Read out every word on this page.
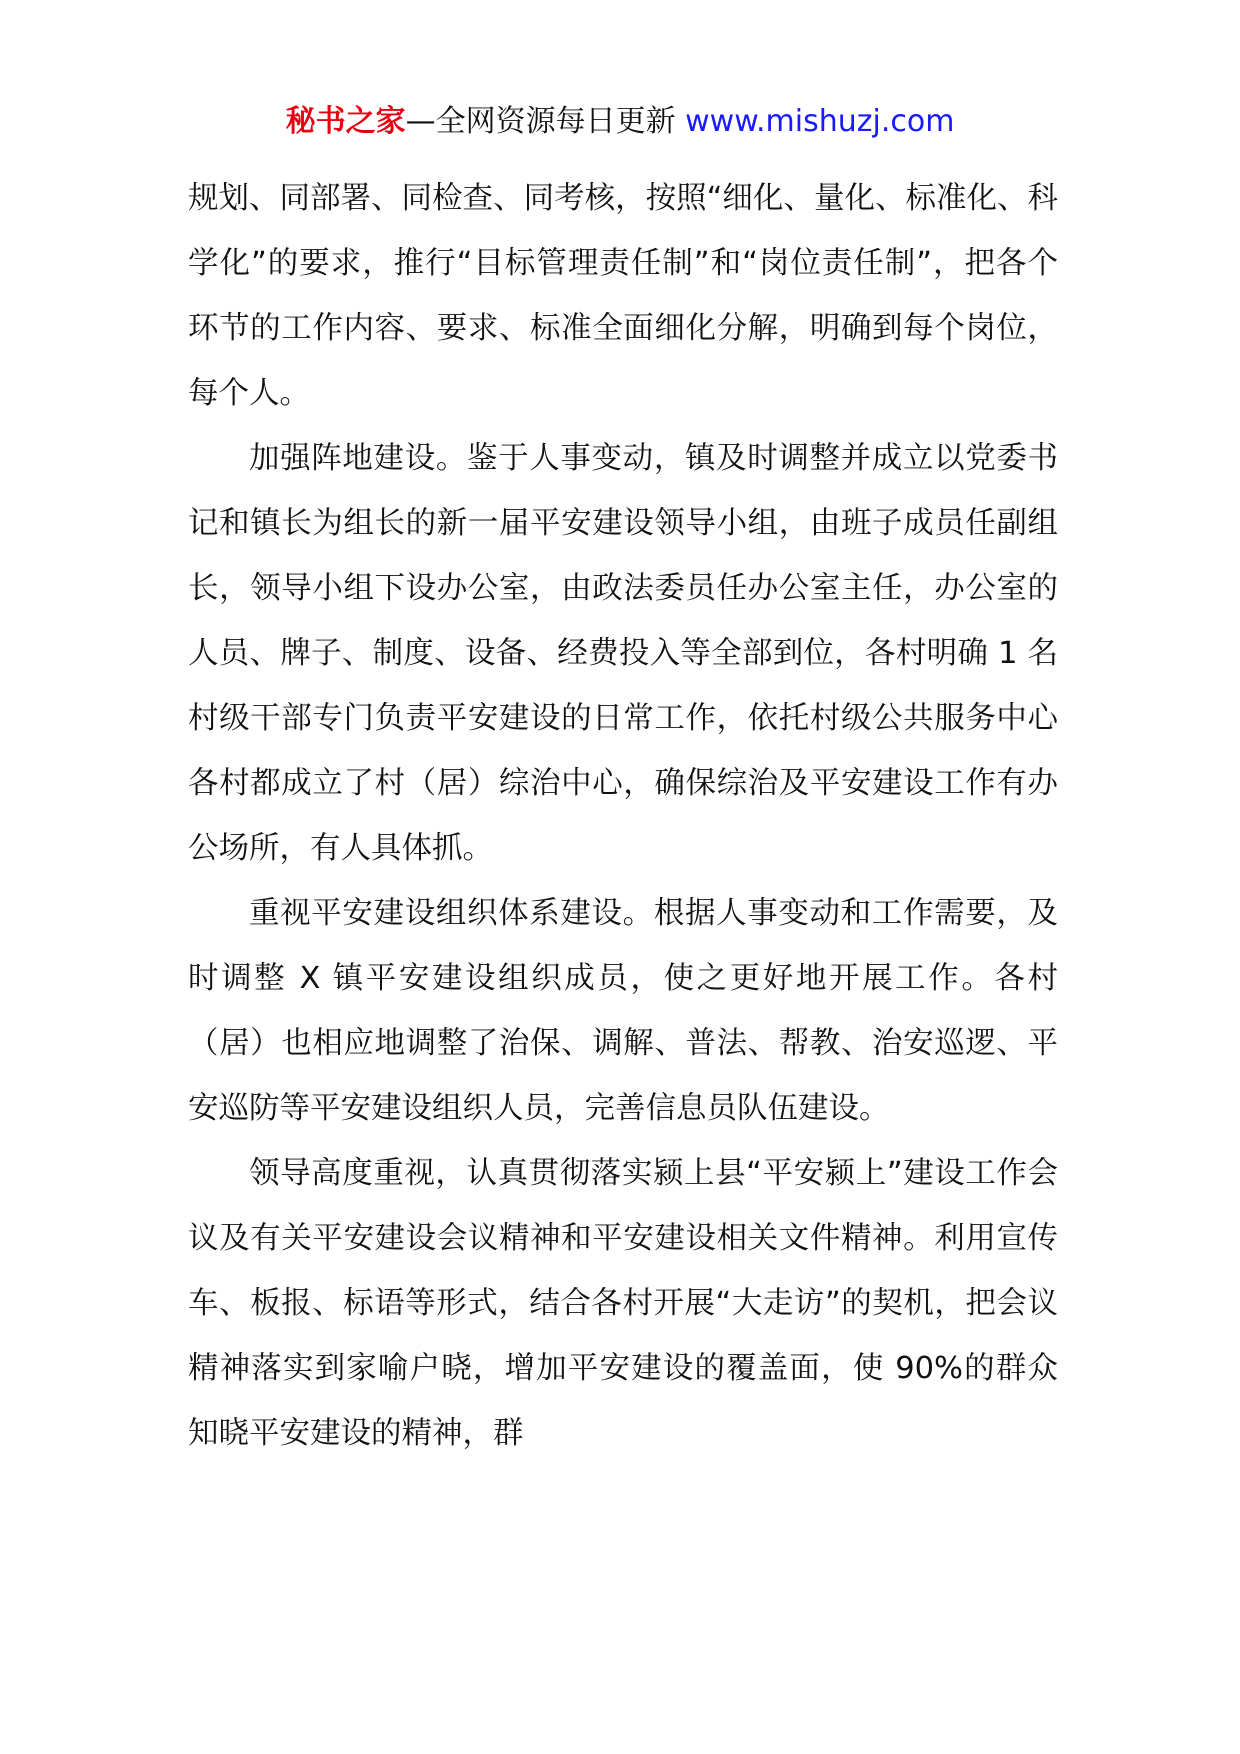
秘书之家—全网资源每日更新 www.mishuzj.com

规划、同部署、同检查、同考核，按照“细化、量化、标准化、科学化”的要求，推行“目标管理责任制”和“岗位责任制”，把各个环节的工作内容、要求、标准全面细化分解，明确到每个岗位，每个人。

加强阵地建设。鉴于人事变动，镇及时调整并成立以党委书记和镇长为组长的新一届平安建设领导小组，由班子成员任副组长，领导小组下设办公室，由政法委员任办公室主任，办公室的人员、牌子、制度、设备、经费投入等全部到位，各村明确 1 名村级干部专门负责平安建设的日常工作，依托村级公共服务中心各村都成立了村（居）综治中心，确保综治及平安建设工作有办公场所，有人具体抓。

重视平安建设组织体系建设。根据人事变动和工作需要，及时调整 X 镇平安建设组织成员，使之更好地开展工作。各村（居）也相应地调整了治保、调解、普法、帮教、治安巡逻、平安巡防等平安建设组织人员，完善信息员队伍建设。

领导高度重视，认真贯彻落实颍上县“平安颍上”建设工作会议及有关平安建设会议精神和平安建设相关文件精神。利用宣传车、板报、标语等形式，结合各村开展“大走访”的契机，把会议精神落实到家喻户晓，增加平安建设的覆盖面，使 90%的群众知晓平安建设的精神，群
